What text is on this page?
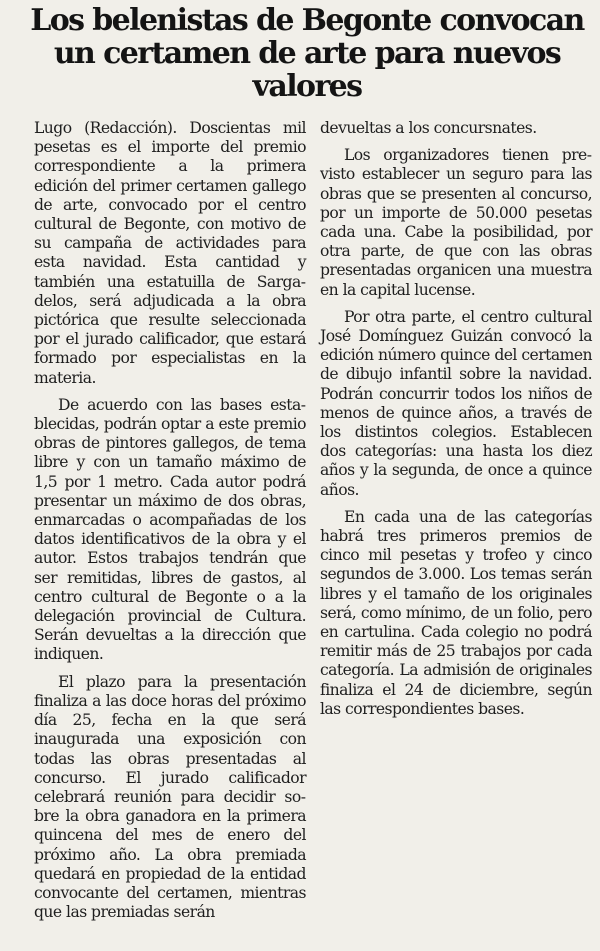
Los belenistas de Begonte convocan
un certamen de arte para nuevos valores

Lugo (Redacción). Doscientas mil pesetas es el importe del premio correspondiente a la primera edición del primer certamen gallego de arte, convocado por el centro cultural de Begonte, con motivo de su campaña de actividades para esta navidad. Esta cantidad y también una estatuilla de Sargadelos, será adjudicada a la obra pictórica que resulte seleccionada por el jurado calificador, que estará formado por especialistas en la materia.

De acuerdo con las bases establecidas, podrán optar a este premio obras de pintores gallegos, de tema libre y con un tamaño máximo de 1,5 por 1 metro. Cada autor podrá presentar un máximo de dos obras, enmarcadas o acompañadas de los datos identificativos de la obra y el autor. Estos trabajos tendrán que ser remitidas, libres de gastos, al centro cultural de Begonte o a la delegación provincial de Cultura. Serán devueltas a la dirección que indiquen.

El plazo para la presentación finaliza a las doce horas del próximo día 25, fecha en la que será inaugurada una exposición con todas las obras presentadas al concurso. El jurado calificador celebrará reunión para decidir sobre la obra ganadora en la primera quincena del mes de enero del próximo año. La obra premiada quedará en propiedad de la entidad convocante del certamen, mientras que las premiadas serán

devueltas a los concursnates.

Los organizadores tienen previsto establecer un seguro para las obras que se presenten al concurso, por un importe de 50.000 pesetas cada una. Cabe la posibilidad, por otra parte, de que con las obras presentadas organicen una muestra en la capital lucense.

Por otra parte, el centro cultural José Domínguez Guizán convocó la edición número quince del certamen de dibujo infantil sobre la navidad. Podrán concurrir todos los niños de menos de quince años, a través de los distintos colegios. Establecen dos categorías: una hasta los diez años y la segunda, de once a quince años.

En cada una de las categorías habrá tres primeros premios de cinco mil pesetas y trofeo y cinco segundos de 3.000. Los temas serán libres y el tamaño de los originales será, como mínimo, de un folio, pero en cartulina. Cada colegio no podrá remitir más de 25 trabajos por cada categoría. La admisión de originales finaliza el 24 de diciembre, según las correspondientes bases.
